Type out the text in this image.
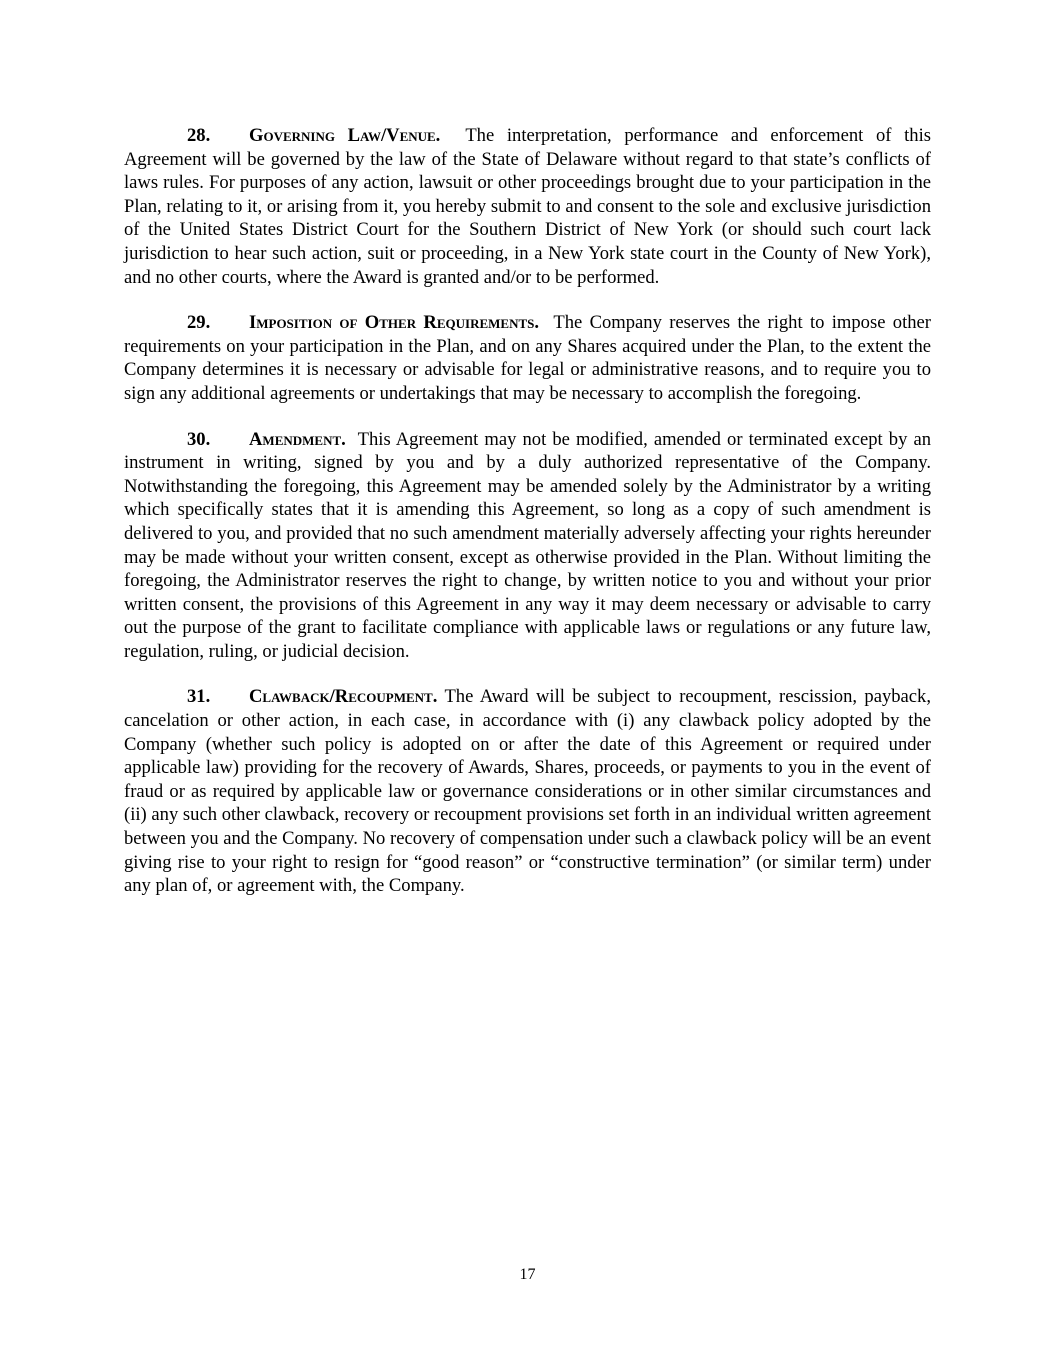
28. Governing Law/Venue. The interpretation, performance and enforcement of this Agreement will be governed by the law of the State of Delaware without regard to that state’s conflicts of laws rules. For purposes of any action, lawsuit or other proceedings brought due to your participation in the Plan, relating to it, or arising from it, you hereby submit to and consent to the sole and exclusive jurisdiction of the United States District Court for the Southern District of New York (or should such court lack jurisdiction to hear such action, suit or proceeding, in a New York state court in the County of New York), and no other courts, where the Award is granted and/or to be performed.

29. Imposition of Other Requirements. The Company reserves the right to impose other requirements on your participation in the Plan, and on any Shares acquired under the Plan, to the extent the Company determines it is necessary or advisable for legal or administrative reasons, and to require you to sign any additional agreements or undertakings that may be necessary to accomplish the foregoing.

30. Amendment. This Agreement may not be modified, amended or terminated except by an instrument in writing, signed by you and by a duly authorized representative of the Company. Notwithstanding the foregoing, this Agreement may be amended solely by the Administrator by a writing which specifically states that it is amending this Agreement, so long as a copy of such amendment is delivered to you, and provided that no such amendment materially adversely affecting your rights hereunder may be made without your written consent, except as otherwise provided in the Plan. Without limiting the foregoing, the Administrator reserves the right to change, by written notice to you and without your prior written consent, the provisions of this Agreement in any way it may deem necessary or advisable to carry out the purpose of the grant to facilitate compliance with applicable laws or regulations or any future law, regulation, ruling, or judicial decision.

31. Clawback/Recoupment. The Award will be subject to recoupment, rescission, payback, cancelation or other action, in each case, in accordance with (i) any clawback policy adopted by the Company (whether such policy is adopted on or after the date of this Agreement or required under applicable law) providing for the recovery of Awards, Shares, proceeds, or payments to you in the event of fraud or as required by applicable law or governance considerations or in other similar circumstances and (ii) any such other clawback, recovery or recoupment provisions set forth in an individual written agreement between you and the Company. No recovery of compensation under such a clawback policy will be an event giving rise to your right to resign for “good reason” or “constructive termination” (or similar term) under any plan of, or agreement with, the Company.

17
